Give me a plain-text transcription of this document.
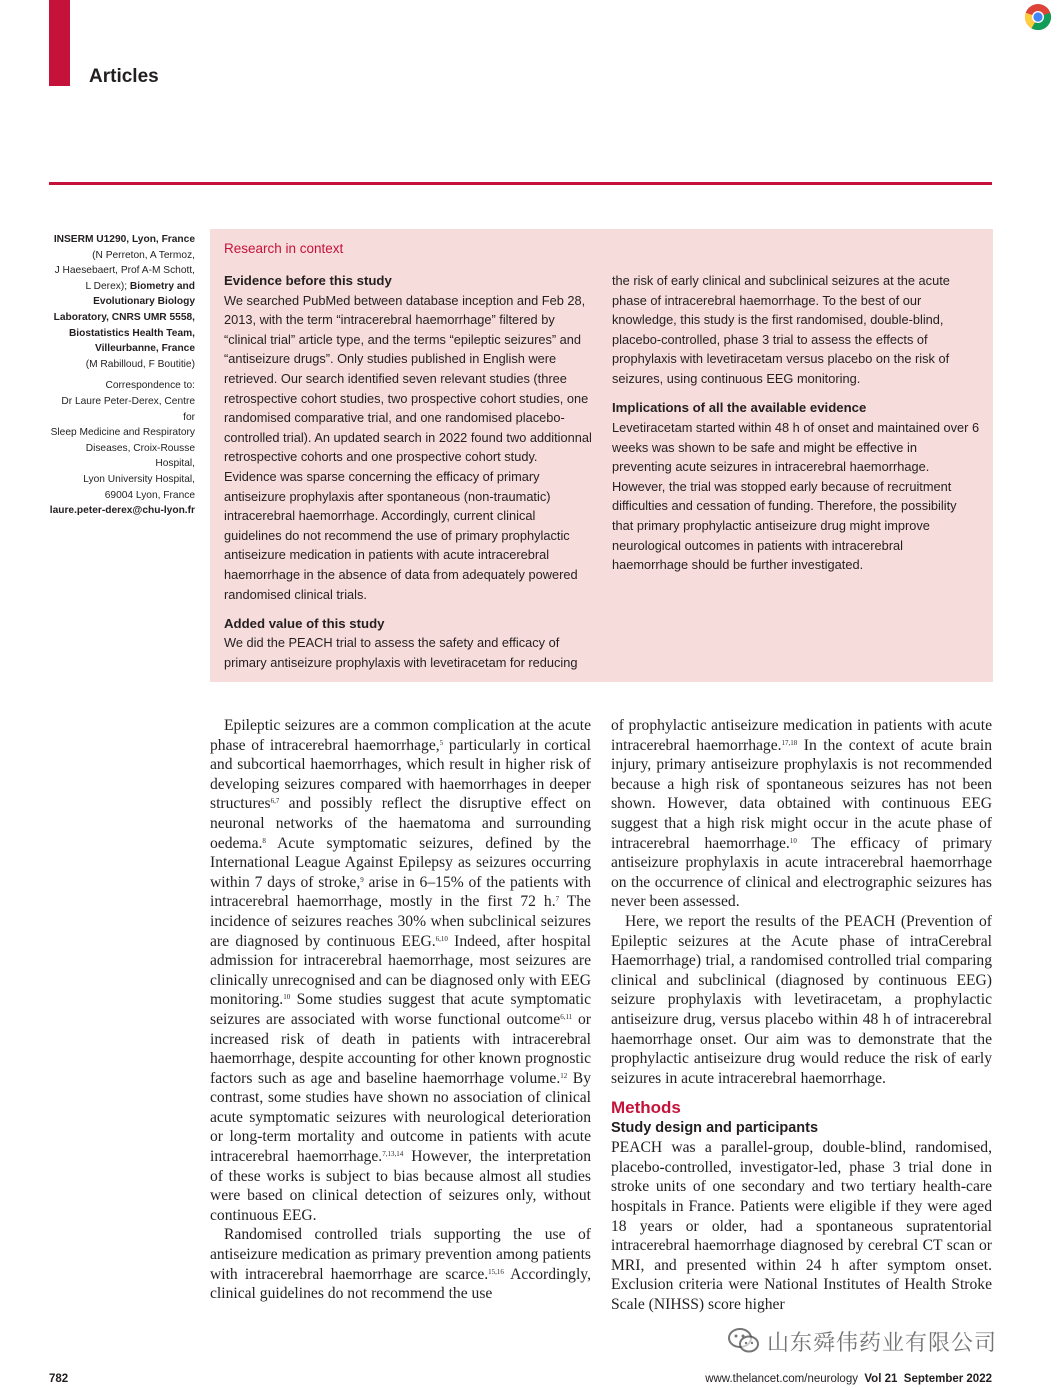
Articles

INSERM U1290, Lyon, France

(N Perreton, A Termoz,

J Haesebaert, Prof A-M Schott,

L Derex); Biometry and

Evolutionary Biology

Laboratory, CNRS UMR 5558,

Biostatistics Health Team,

Villeurbanne, France

(M Rabilloud, F Boutitie)

Correspondence to:

Dr Laure Peter-Derex, Centre for

Sleep Medicine and Respiratory

Diseases, Croix-Rousse Hospital,

Lyon University Hospital,

69004 Lyon, France

laure.peter-derex@chu-lyon.fr

Research in context
Evidence before this study

We searched PubMed between database inception and Feb 28, 2013, with the term “intracerebral haemorrhage” filtered by “clinical trial” article type, and the terms “epileptic seizures” and “antiseizure drugs”. Only studies published in English were retrieved. Our search identified seven relevant studies (three retrospective cohort studies, two prospective cohort studies, one randomised comparative trial, and one randomised placebo-controlled trial). An updated search in 2022 found two additionnal retrospective cohorts and one prospective cohort study. Evidence was sparse concerning the efficacy of primary antiseizure prophylaxis after spontaneous (non-traumatic) intracerebral haemorrhage. Accordingly, current clinical guidelines do not recommend the use of primary prophylactic antiseizure medication in patients with acute intracerebral haemorrhage in the absence of data from adequately powered randomised clinical trials.

Added value of this study

We did the PEACH trial to assess the safety and efficacy of primary antiseizure prophylaxis with levetiracetam for reducing

the risk of early clinical and subclinical seizures at the acute phase of intracerebral haemorrhage. To the best of our knowledge, this study is the first randomised, double-blind, placebo-controlled, phase 3 trial to assess the effects of prophylaxis with levetiracetam versus placebo on the risk of seizures, using continuous EEG monitoring.

Implications of all the available evidence

Levetiracetam started within 48 h of onset and maintained over 6 weeks was shown to be safe and might be effective in preventing acute seizures in intracerebral haemorrhage. However, the trial was stopped early because of recruitment difficulties and cessation of funding. Therefore, the possibility that primary prophylactic antiseizure drug might improve neurological outcomes in patients with intracerebral haemorrhage should be further investigated.

Epileptic seizures are a common complication at the acute phase of intracerebral haemorrhage,$^5$ particularly in cortical and subcortical haemorrhages, which result in higher risk of developing seizures compared with haemorrhages in deeper structures$^{6,7}$ and possibly reflect the disruptive effect on neuronal networks of the haematoma and surrounding oedema.$^8$ Acute symptomatic seizures, defined by the International League Against Epilepsy as seizures occurring within 7 days of stroke,$^9$ arise in 6–15% of the patients with intracerebral haemorrhage, mostly in the first 72 h.$^7$ The incidence of seizures reaches 30% when subclinical seizures are diagnosed by continuous EEG.$^{6,10}$ Indeed, after hospital admission for intracerebral haemorrhage, most seizures are clinically unrecognised and can be diagnosed only with EEG monitoring.$^{10}$ Some studies suggest that acute symptomatic seizures are associated with worse functional outcome$^{6,11}$ or increased risk of death in patients with intracerebral haemorrhage, despite accounting for other known prognostic factors such as age and baseline haemorrhage volume.$^{12}$ By contrast, some studies have shown no association of clinical acute symptomatic seizures with neurological deterioration or long-term mortality and outcome in patients with acute intracerebral haemorrhage.$^{7,13,14}$ However, the interpretation of these works is subject to bias because almost all studies were based on clinical detection of seizures only, without continuous EEG.

Randomised controlled trials supporting the use of antiseizure medication as primary prevention among patients with intracerebral haemorrhage are scarce.$^{15,16}$ Accordingly, clinical guidelines do not recommend the use

of prophylactic antiseizure medication in patients with acute intracerebral haemorrhage.$^{17,18}$ In the context of acute brain injury, primary antiseizure prophylaxis is not recommended because a high risk of spontaneous seizures has not been shown. However, data obtained with continuous EEG suggest that a high risk might occur in the acute phase of intracerebral haemorrhage.$^{10}$ The efficacy of primary antiseizure prophylaxis in acute intracerebral haemorrhage on the occurrence of clinical and electrographic seizures has never been assessed.

Here, we report the results of the PEACH (Prevention of Epileptic seizures at the Acute phase of intraCerebral Haemorrhage) trial, a randomised controlled trial comparing clinical and subclinical (diagnosed by continuous EEG) seizure prophylaxis with levetiracetam, a prophylactic antiseizure drug, versus placebo within 48 h of intracerebral haemorrhage onset. Our aim was to demonstrate that the prophylactic antiseizure drug would reduce the risk of early seizures in acute intracerebral haemorrhage.

Methods
Study design and participants

PEACH was a parallel-group, double-blind, randomised, placebo-controlled, investigator-led, phase 3 trial done in stroke units of one secondary and two tertiary health-care hospitals in France. Patients were eligible if they were aged 18 years or older, had a spontaneous supratentorial intracerebral haemorrhage diagnosed by cerebral CT scan or MRI, and presented within 24 h after symptom onset. Exclusion criteria were National Institutes of Health Stroke Scale (NIHSS) score higher

782	www.thelancet.com/neurology Vol 21 September 2022
山东舜伟药业有限公司
